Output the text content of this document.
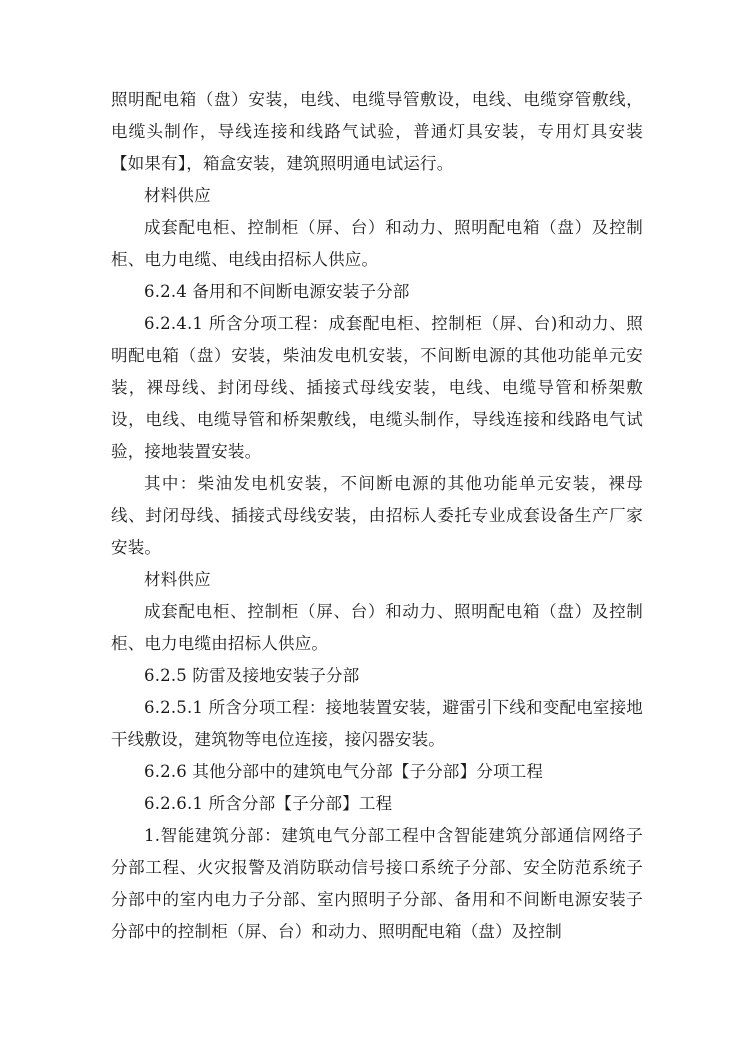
照明配电箱（盘）安装，电线、电缆导管敷设，电线、电缆穿管敷线，电缆头制作，导线连接和线路气试验，普通灯具安装，专用灯具安装【如果有】，箱盒安装，建筑照明通电试运行。

材料供应

成套配电柜、控制柜（屏、台）和动力、照明配电箱（盘）及控制柜、电力电缆、电线由招标人供应。

6.2.4 备用和不间断电源安装子分部

6.2.4.1 所含分项工程：成套配电柜、控制柜（屏、台)和动力、照明配电箱（盘）安装，柴油发电机安装，不间断电源的其他功能单元安装，裸母线、封闭母线、插接式母线安装，电线、电缆导管和桥架敷设，电线、电缆导管和桥架敷线，电缆头制作，导线连接和线路电气试验，接地装置安装。

其中：柴油发电机安装，不间断电源的其他功能单元安装，裸母线、封闭母线、插接式母线安装，由招标人委托专业成套设备生产厂家安装。

材料供应

成套配电柜、控制柜（屏、台）和动力、照明配电箱（盘）及控制柜、电力电缆由招标人供应。

6.2.5 防雷及接地安装子分部

6.2.5.1 所含分项工程：接地装置安装，避雷引下线和变配电室接地干线敷设，建筑物等电位连接，接闪器安装。

6.2.6 其他分部中的建筑电气分部【子分部】分项工程

6.2.6.1 所含分部【子分部】工程

1.智能建筑分部：建筑电气分部工程中含智能建筑分部通信网络子分部工程、火灾报警及消防联动信号接口系统子分部、安全防范系统子分部中的室内电力子分部、室内照明子分部、备用和不间断电源安装子分部中的控制柜（屏、台）和动力、照明配电箱（盘）及控制
